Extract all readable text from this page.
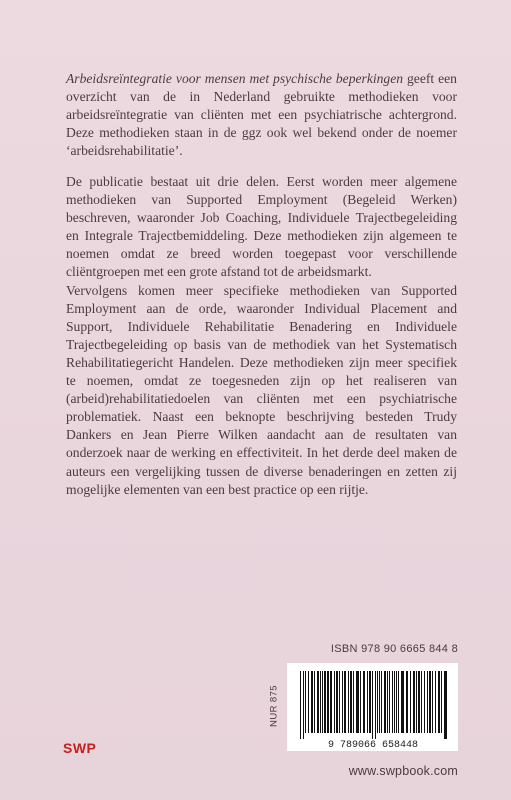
Arbeidsreïntegratie voor mensen met psychische beperkingen geeft een overzicht van de in Nederland gebruikte methodieken voor arbeidsreïntegratie van cliënten met een psychiatrische achtergrond. Deze methodieken staan in de ggz ook wel bekend onder de noemer ‘arbeidsrehabilitatie’.

De publicatie bestaat uit drie delen. Eerst worden meer algemene methodieken van Supported Employment (Begeleid Werken) beschreven, waaronder Job Coaching, Individuele Trajectbegeleiding en Integrale Trajectbemiddeling. Deze methodieken zijn algemeen te noemen omdat ze breed worden toegepast voor verschillende cliëntgroepen met een grote afstand tot de arbeidsmarkt.

Vervolgens komen meer specifieke methodieken van Supported Employment aan de orde, waaronder Individual Placement and Support, Individuele Rehabilitatie Benadering en Individuele Trajectbegeleiding op basis van de methodiek van het Systematisch Rehabilitatiegericht Handelen. Deze methodieken zijn meer specifiek te noemen, omdat ze toegesneden zijn op het realiseren van (arbeid)rehabilitatiedoelen van cliënten met een psychiatrische problematiek. Naast een beknopte beschrijving besteden Trudy Dankers en Jean Pierre Wilken aandacht aan de resultaten van onderzoek naar de werking en effectiviteit. In het derde deel maken de auteurs een vergelijking tussen de diverse benaderingen en zetten zij mogelijke elementen van een best practice op een rijtje.

ISBN 978 90 6665 844 8
NUR 875
9 789066 658448
SWP
www.swpbook.com
